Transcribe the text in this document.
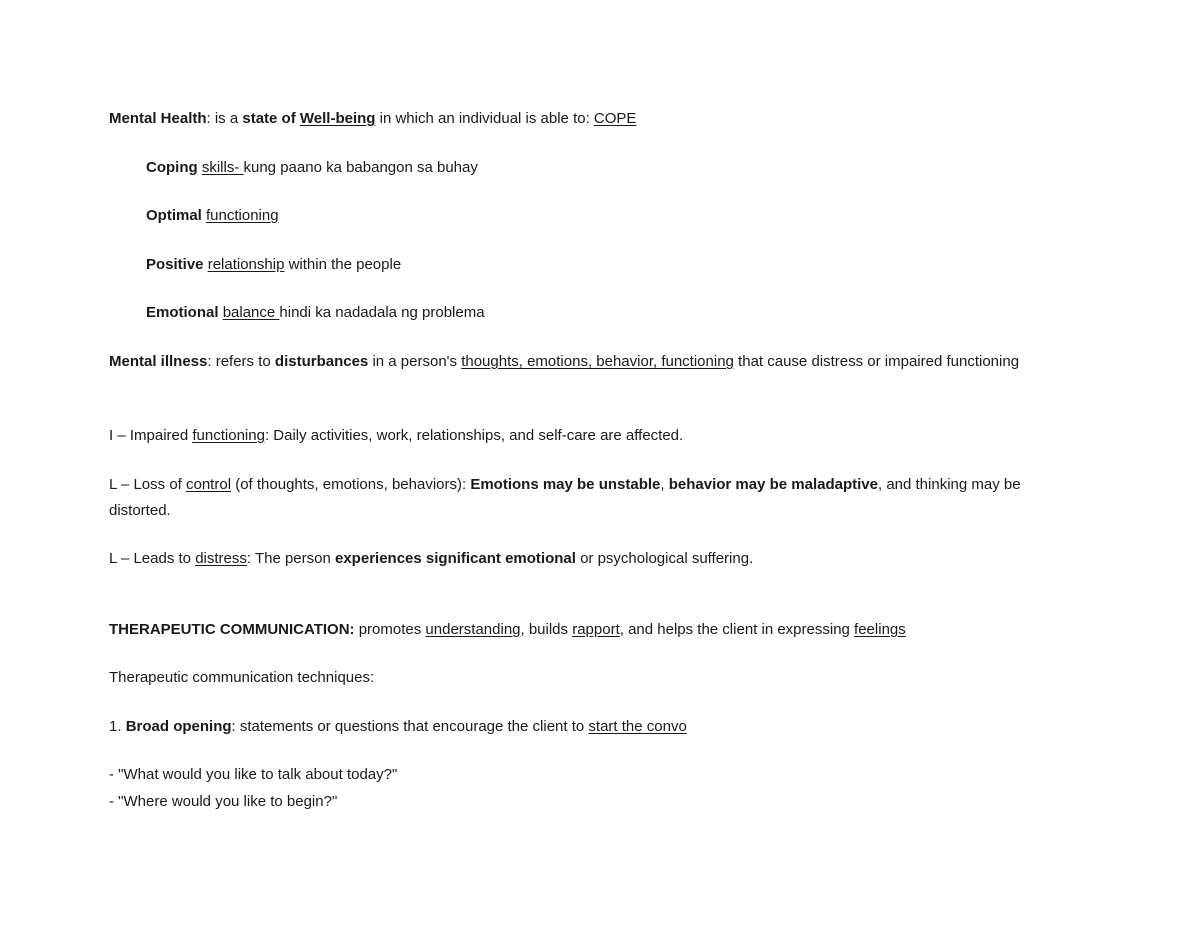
Mental Health: is a state of Well-being in which an individual is able to: COPE
Coping skills- kung paano ka babangon sa buhay
Optimal functioning
Positive relationship within the people
Emotional balance hindi ka nadadala ng problema
Mental illness: refers to disturbances in a person's thoughts, emotions, behavior, functioning that cause distress or impaired functioning
I – Impaired functioning: Daily activities, work, relationships, and self-care are affected.
L – Loss of control (of thoughts, emotions, behaviors): Emotions may be unstable, behavior may be maladaptive, and thinking may be distorted.
L – Leads to distress: The person experiences significant emotional or psychological suffering.
THERAPEUTIC COMMUNICATION: promotes understanding, builds rapport, and helps the client in expressing feelings
Therapeutic communication techniques:
1. Broad opening: statements or questions that encourage the client to start the convo
- "What would you like to talk about today?"
- "Where would you like to begin?"
